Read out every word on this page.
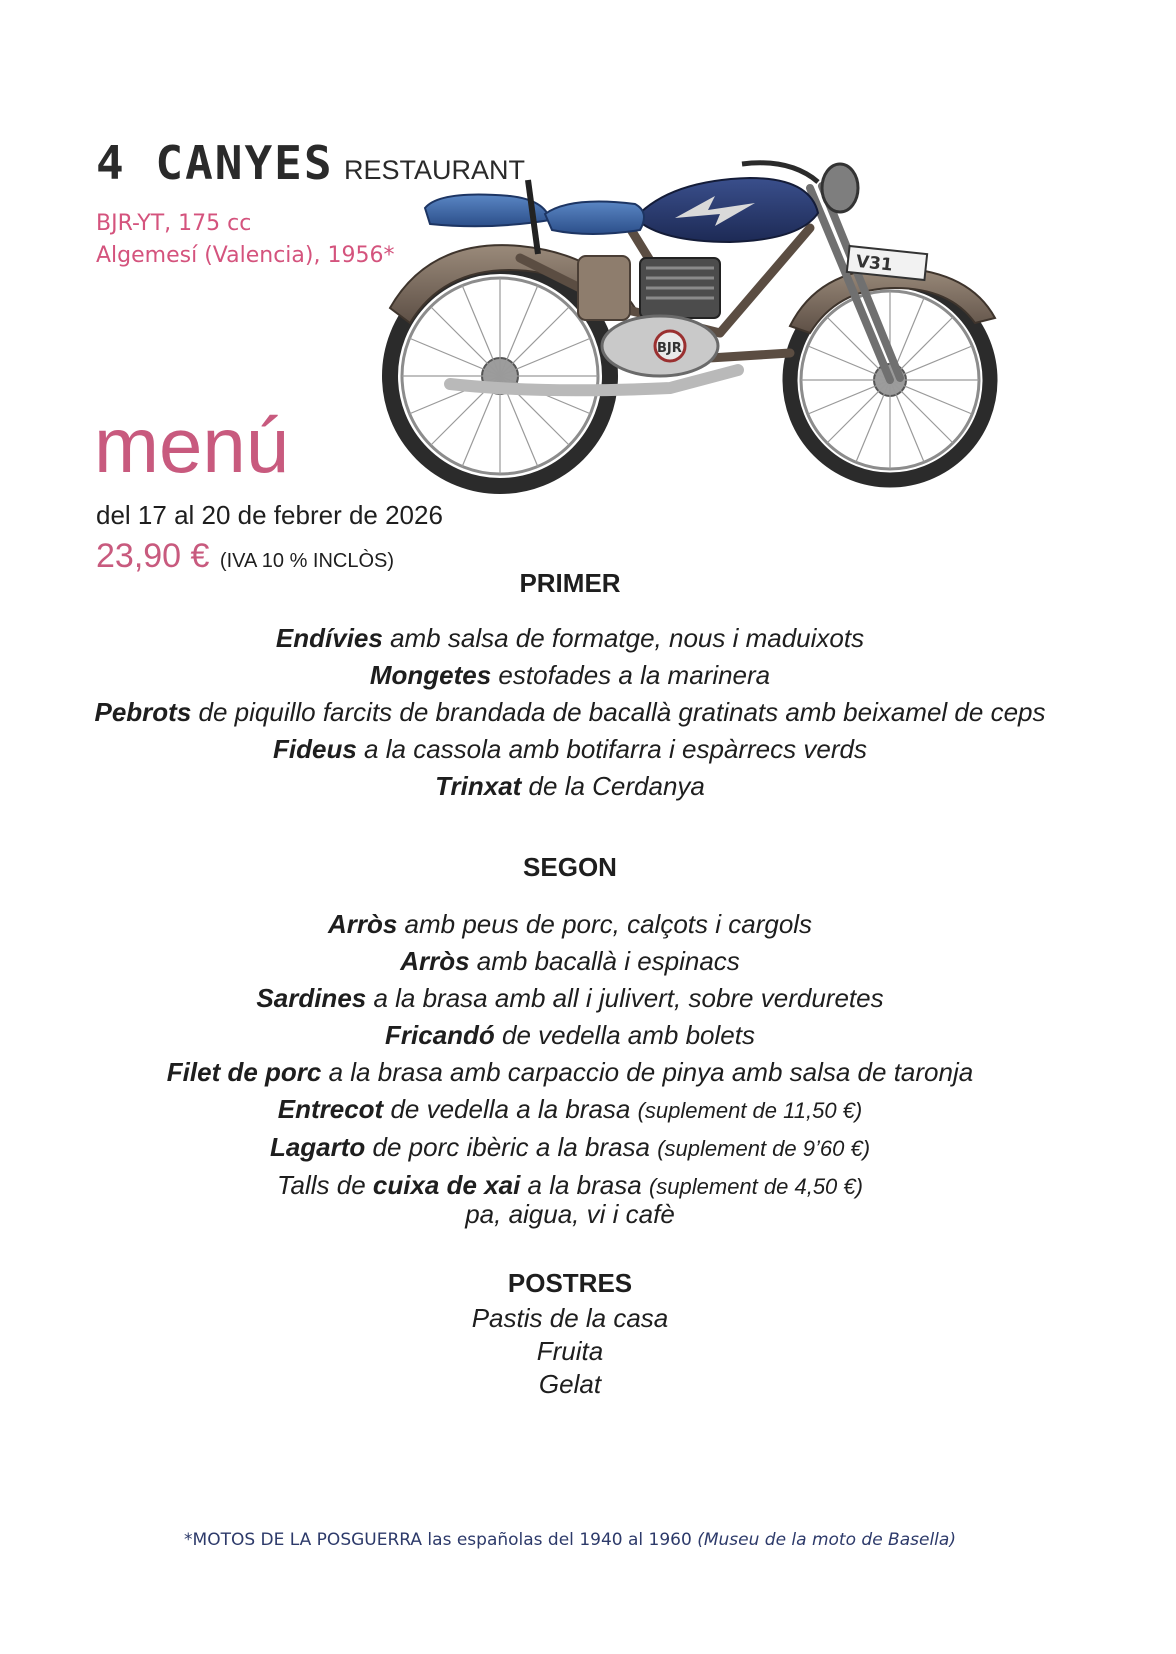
4 CANYES RESTAURANT
BJR-YT, 175 cc
Algemesí (Valencia), 1956*	V31
BJR
menú
del 17 al 20 de febrer de 2026
23,90 € (IVA 10 % INCLÒS)
PRIMER
Endívies amb salsa de formatge, nous i maduixots
Mongetes estofades a la marinera
Pebrots de piquillo farcits de brandada de bacallà gratinats amb beixamel de ceps
Fideus a la cassola amb botifarra i espàrrecs verds
Trinxat de la Cerdanya
SEGON
Arròs amb peus de porc, calçots i cargols
Arròs amb bacallà i espinacs
Sardines a la brasa amb all i julivert, sobre verduretes
Fricandó de vedella amb bolets
Filet de porc a la brasa amb carpaccio de pinya amb salsa de taronja
Entrecot de vedella a la brasa (suplement de 11,50 €)
Lagarto de porc ibèric a la brasa (suplement de 9’60 €)
Talls de cuixa de xai a la brasa (suplement de 4,50 €)
pa, aigua, vi i cafè
POSTRES
Pastis de la casa
Fruita
Gelat
*MOTOS DE LA POSGUERRA las españolas del 1940 al 1960 (Museu de la moto de Basella)
